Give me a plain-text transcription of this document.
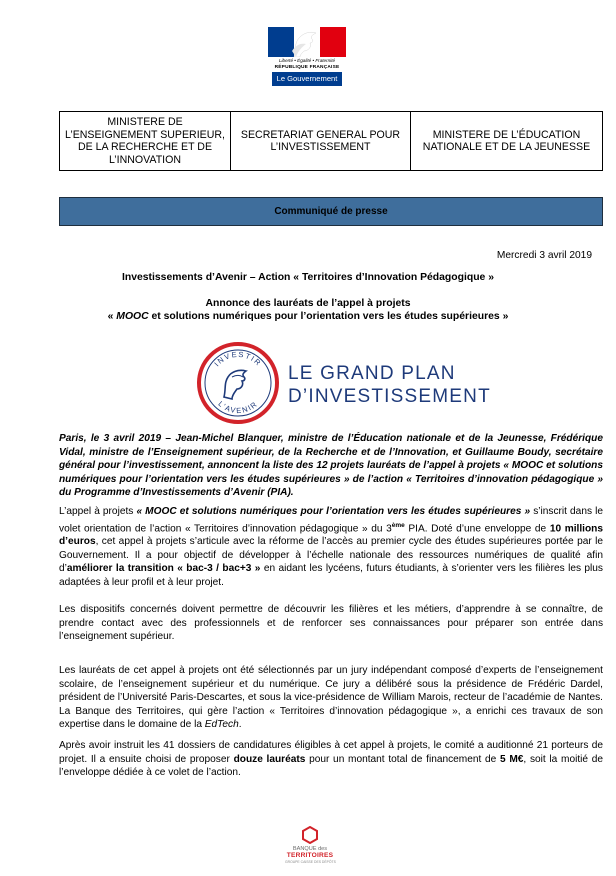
Liberté • Égalité • Fraternité
RÉPUBLIQUE FRANÇAISE
Le Gouvernement
MINISTERE DE L’ENSEIGNEMENT SUPERIEUR, DE LA RECHERCHE ET DE L’INNOVATION
SECRETARIAT GENERAL POUR L’INVESTISSEMENT
MINISTERE DE L’ÉDUCATION NATIONALE ET DE LA JEUNESSE
Communiqué de presse
Mercredi 3 avril 2019
Investissements d’Avenir – Action « Territoires d’Innovation Pédagogique »
Annonce des lauréats de l’appel à projets
« MOOC et solutions numériques pour l’orientation vers les études supérieures »
INVESTIR
L’AVENIR
LE GRAND PLAN
D’INVESTISSEMENT
Paris, le 3 avril 2019 – Jean-Michel Blanquer, ministre de l’Éducation nationale et de la Jeunesse, Frédérique Vidal, ministre de l’Enseignement supérieur, de la Recherche et de l’Innovation, et Guillaume Boudy, secrétaire général pour l’investissement, annoncent la liste des 12 projets lauréats de l’appel à projets « MOOC et solutions numériques pour l’orientation vers les études supérieures » de l’action « Territoires d’innovation pédagogique » du Programme d’Investissements d’Avenir (PIA).
L’appel à projets « MOOC et solutions numériques pour l’orientation vers les études supérieures » s’inscrit dans le volet orientation de l’action « Territoires d’innovation pédagogique » du 3ème PIA. Doté d’une enveloppe de 10 millions d’euros, cet appel à projets s’articule avec la réforme de l’accès au premier cycle des études supérieures portée par le Gouvernement. Il a pour objectif de développer à l’échelle nationale des ressources numériques de qualité afin d’améliorer la transition « bac-3 / bac+3 » en aidant les lycéens, futurs étudiants, à s’orienter vers les filières les plus adaptées à leur profil et à leur projet.
Les dispositifs concernés doivent permettre de découvrir les filières et les métiers, d’apprendre à se connaître, de prendre contact avec des professionnels et de renforcer ses connaissances pour préparer son entrée dans l’enseignement supérieur.
Les lauréats de cet appel à projets ont été sélectionnés par un jury indépendant composé d’experts de l’enseignement scolaire, de l’enseignement supérieur et du numérique. Ce jury a délibéré sous la présidence de Frédéric Dardel, président de l’Université Paris-Descartes, et sous la vice-présidence de William Marois, recteur de l’académie de Nantes. La Banque des Territoires, qui gère l’action « Territoires d’innovation pédagogique », a enrichi ces travaux de son expertise dans le domaine de la EdTech.
Après avoir instruit les 41 dossiers de candidatures éligibles à cet appel à projets, le comité a auditionné 21 porteurs de projet. Il a ensuite choisi de proposer douze lauréats pour un montant total de financement de 5 M€, soit la moitié de l’enveloppe dédiée à ce volet de l’action.
BANQUE des
TERRITOIRES
GROUPE CAISSE DES DÉPÔTS
